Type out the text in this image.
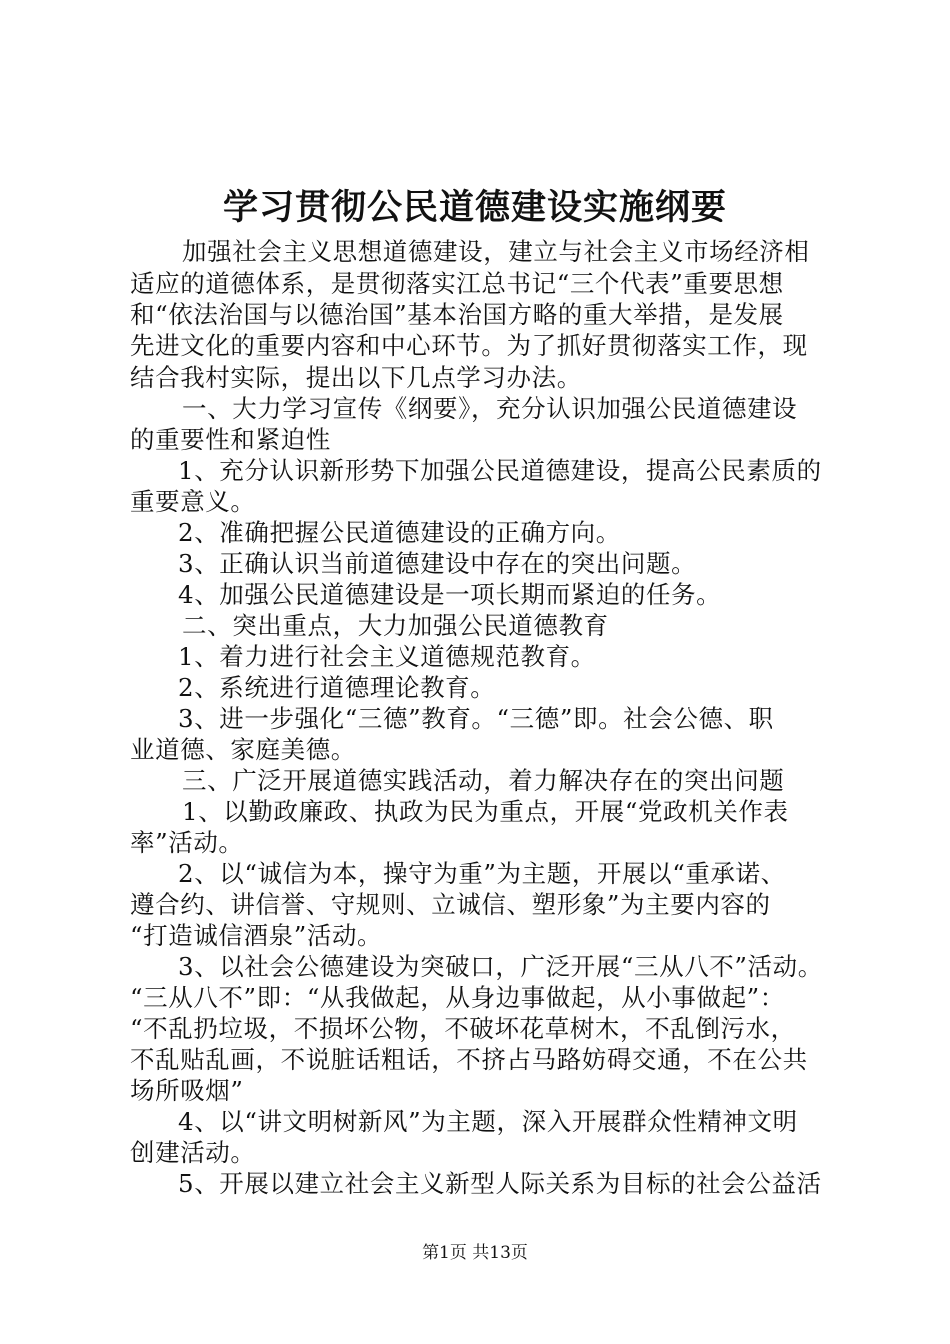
学习贯彻公民道德建设实施纲要
加强社会主义思想道德建设，建立与社会主义市场经济相
适应的道德体系，是贯彻落实江总书记“三个代表”重要思想
和“依法治国与以德治国”基本治国方略的重大举措，是发展
先进文化的重要内容和中心环节。为了抓好贯彻落实工作，现
结合我村实际，提出以下几点学习办法。
一、大力学习宣传《纲要》，充分认识加强公民道德建设
的重要性和紧迫性
1、充分认识新形势下加强公民道德建设，提高公民素质的
重要意义。
2、准确把握公民道德建设的正确方向。
3、正确认识当前道德建设中存在的突出问题。
4、加强公民道德建设是一项长期而紧迫的任务。
二、突出重点，大力加强公民道德教育
1、着力进行社会主义道德规范教育。
2、系统进行道德理论教育。
3、进一步强化“三德”教育。“三德”即。社会公德、职
业道德、家庭美德。
三、广泛开展道德实践活动，着力解决存在的突出问题
1、以勤政廉政、执政为民为重点，开展“党政机关作表
率”活动。
2、以“诚信为本，操守为重”为主题，开展以“重承诺、
遵合约、讲信誉、守规则、立诚信、塑形象”为主要内容的
“打造诚信酒泉”活动。
3、以社会公德建设为突破口，广泛开展“三从八不”活动。
“三从八不”即：“从我做起，从身边事做起，从小事做起”：
“不乱扔垃圾，不损坏公物，不破坏花草树木，不乱倒污水，
不乱贴乱画，不说脏话粗话，不挤占马路妨碍交通，不在公共
场所吸烟”
4、以“讲文明树新风”为主题，深入开展群众性精神文明
创建活动。
5、开展以建立社会主义新型人际关系为目标的社会公益活
第1页 共13页
